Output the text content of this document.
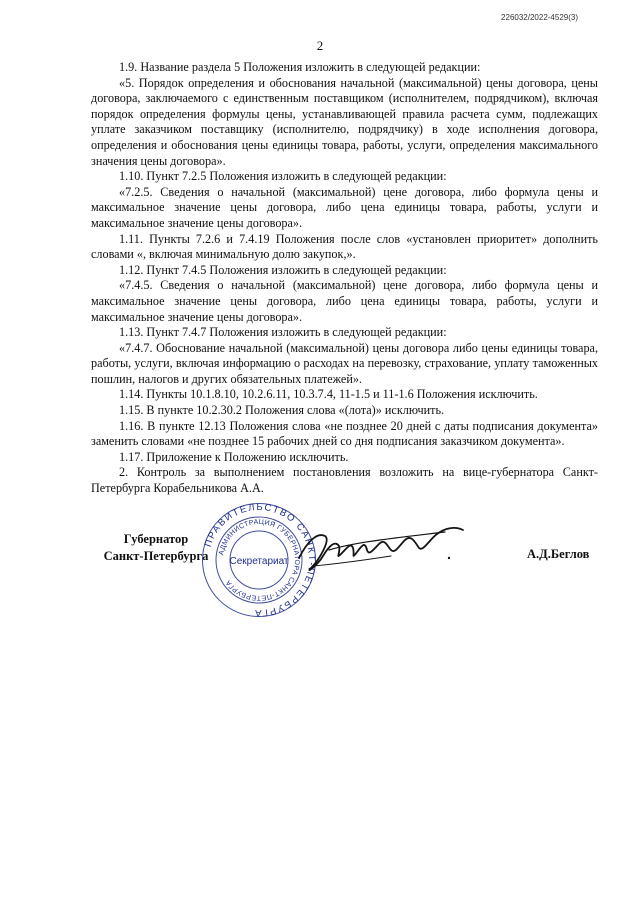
226032/2022-4529(3)
2

1.9. Название раздела 5 Положения изложить в следующей редакции:

«5. Порядок определения и обоснования начальной (максимальной) цены договора, цены договора, заключаемого с единственным поставщиком (исполнителем, подрядчиком), включая порядок определения формулы цены, устанавливающей правила расчета сумм, подлежащих уплате заказчиком поставщику (исполнителю, подрядчику) в ходе исполнения договора, определения и обоснования цены единицы товара, работы, услуги, определения максимального значения цены договора».

1.10. Пункт 7.2.5 Положения изложить в следующей редакции:

«7.2.5. Сведения о начальной (максимальной) цене договора, либо формула цены и максимальное значение цены договора, либо цена единицы товара, работы, услуги и максимальное значение цены договора».

1.11. Пункты 7.2.6 и 7.4.19 Положения после слов «установлен приоритет» дополнить словами «, включая минимальную долю закупок,».

1.12. Пункт 7.4.5 Положения изложить в следующей редакции:

«7.4.5. Сведения о начальной (максимальной) цене договора, либо формула цены и максимальное значение цены договора, либо цена единицы товара, работы, услуги и максимальное значение цены договора».

1.13. Пункт 7.4.7 Положения изложить в следующей редакции:

«7.4.7. Обоснование начальной (максимальной) цены договора либо цены единицы товара, работы, услуги, включая информацию о расходах на перевозку, страхование, уплату таможенных пошлин, налогов и других обязательных платежей».

1.14. Пункты 10.1.8.10, 10.2.6.11, 10.3.7.4, 11-1.5 и 11-1.6 Положения исключить.

1.15. В пункте 10.2.30.2 Положения слова «(лота)» исключить.

1.16. В пункте 12.13 Положения слова «не позднее 20 дней с даты подписания документа» заменить словами «не позднее 15 рабочих дней со дня подписания заказчиком документа».

1.17. Приложение к Положению исключить.

2. Контроль за выполнением постановления возложить на вице-губернатора Санкт-Петербурга Корабельникова А.А.

Губернатор
Санкт-Петербурга
ПРАВИТЕЛЬСТВО САНКТ-ПЕТЕРБУРГА
АДМИНИСТРАЦИЯ ГУБЕРНАТОРА САНКТ-ПЕТЕРБУРГА
Секретариат
А.Д.Беглов
